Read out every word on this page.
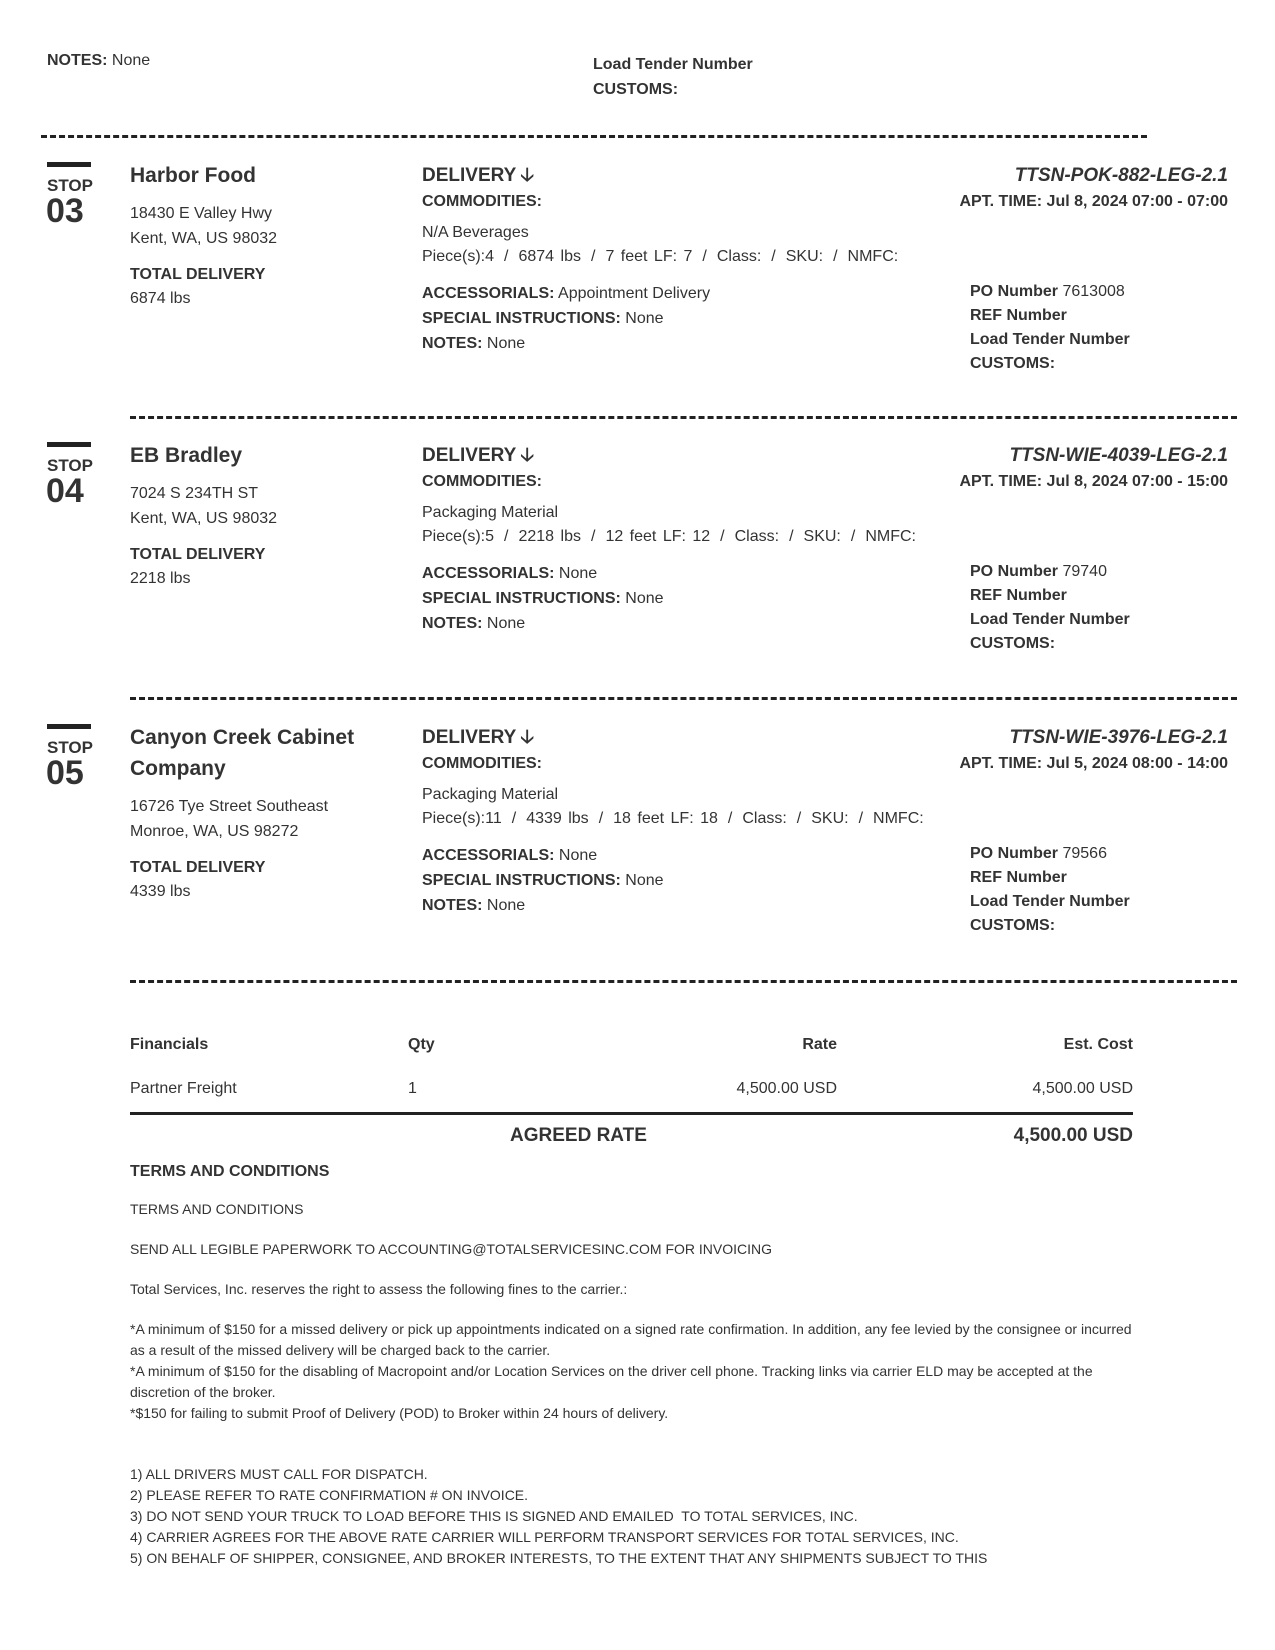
NOTES: None	Load Tender Number
CUSTOMS:
STOP
03
Harbor Food
18430 E Valley Hwy
Kent, WA, US 98032
TOTAL DELIVERY
6874 lbs
DELIVERY 🡣
COMMODITIES:
N/A Beverages
Piece(s):4 / 6874 lbs / 7 feet LF: 7 / Class: / SKU: / NMFC:
ACCESSORIALS: Appointment Delivery
SPECIAL INSTRUCTIONS: None
NOTES: None
TTSN-POK-882-LEG-2.1
APT. TIME: Jul 8, 2024 07:00 - 07:00
PO Number 7613008
REF Number
Load Tender Number
CUSTOMS:
STOP
04
EB Bradley
7024 S 234TH ST
Kent, WA, US 98032
TOTAL DELIVERY
2218 lbs
DELIVERY 🡣
COMMODITIES:
Packaging Material
Piece(s):5 / 2218 lbs / 12 feet LF: 12 / Class: / SKU: / NMFC:
ACCESSORIALS: None
SPECIAL INSTRUCTIONS: None
NOTES: None
TTSN-WIE-4039-LEG-2.1
APT. TIME: Jul 8, 2024 07:00 - 15:00
PO Number 79740
REF Number
Load Tender Number
CUSTOMS:
STOP
05
Canyon Creek Cabinet Company
16726 Tye Street Southeast
Monroe, WA, US 98272
TOTAL DELIVERY
4339 lbs
DELIVERY 🡣
COMMODITIES:
Packaging Material
Piece(s):11 / 4339 lbs / 18 feet LF: 18 / Class: / SKU: / NMFC:
ACCESSORIALS: None
SPECIAL INSTRUCTIONS: None
NOTES: None
TTSN-WIE-3976-LEG-2.1
APT. TIME: Jul 5, 2024 08:00 - 14:00
PO Number 79566
REF Number
Load Tender Number
CUSTOMS:
Financials	Qty	Rate	Est. Cost
Partner Freight	1	4,500.00 USD	4,500.00 USD
AGREED RATE	4,500.00 USD
TERMS AND CONDITIONS
TERMS AND CONDITIONS
SEND ALL LEGIBLE PAPERWORK TO ACCOUNTING@TOTALSERVICESINC.COM FOR INVOICING
Total Services, Inc. reserves the right to assess the following fines to the carrier.:
*A minimum of $150 for a missed delivery or pick up appointments indicated on a signed rate confirmation. In addition, any fee levied by the consignee or incurred as a result of the missed delivery will be charged back to the carrier.
*A minimum of $150 for the disabling of Macropoint and/or Location Services on the driver cell phone. Tracking links via carrier ELD may be accepted at the discretion of the broker.
*$150 for failing to submit Proof of Delivery (POD) to Broker within 24 hours of delivery.
1) ALL DRIVERS MUST CALL FOR DISPATCH.
2) PLEASE REFER TO RATE CONFIRMATION # ON INVOICE.
3) DO NOT SEND YOUR TRUCK TO LOAD BEFORE THIS IS SIGNED AND EMAILED  TO TOTAL SERVICES, INC.
4) CARRIER AGREES FOR THE ABOVE RATE CARRIER WILL PERFORM TRANSPORT SERVICES FOR TOTAL SERVICES, INC.
5) ON BEHALF OF SHIPPER, CONSIGNEE, AND BROKER INTERESTS, TO THE EXTENT THAT ANY SHIPMENTS SUBJECT TO THIS
